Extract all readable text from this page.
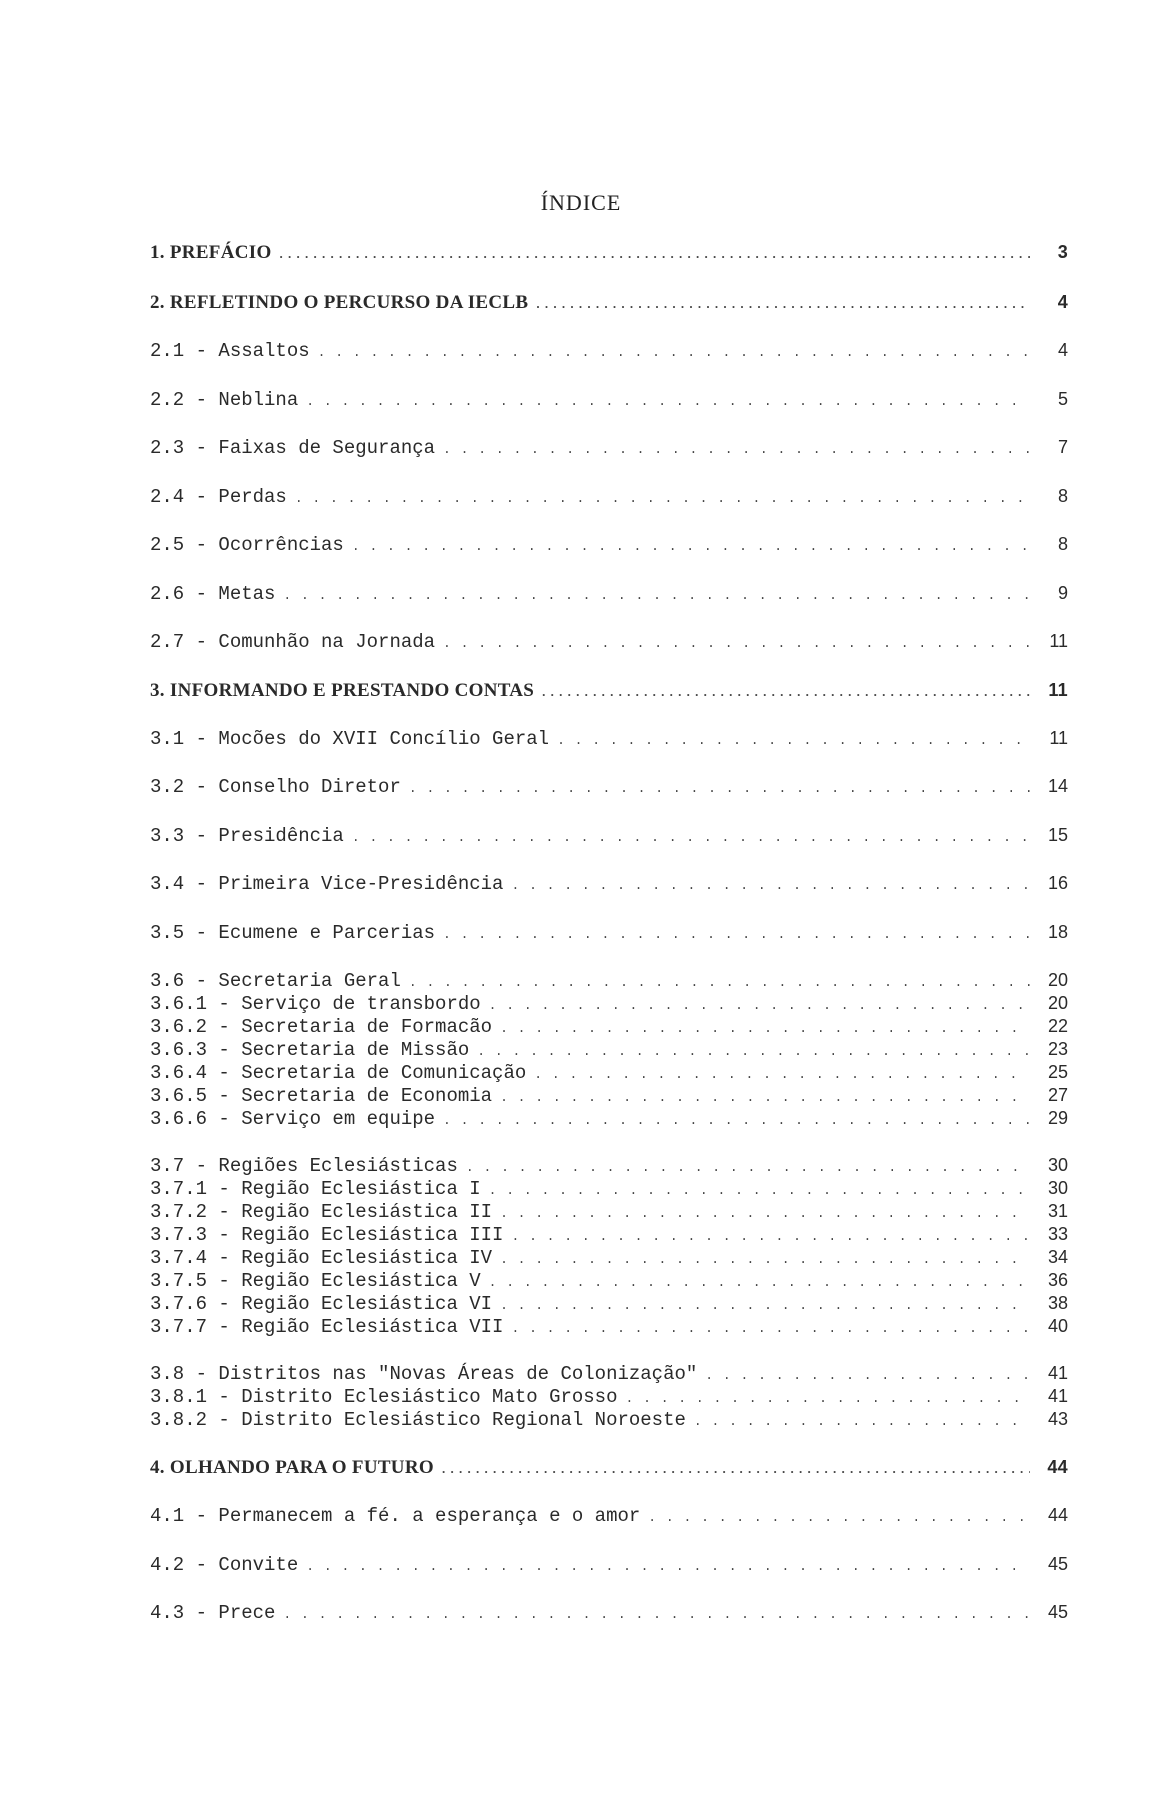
ÍNDICE
1. PREFÁCIO . . .	3
2. REFLETINDO O PERCURSO DA IECLB . . .	4
2.1 - Assaltos . . .	4
2.2 - Neblina . . .	5
2.3 - Faixas de Segurança . . .	7
2.4 - Perdas . . .	8
2.5 - Ocorrências . . .	8
2.6 - Metas . . .	9
2.7 - Comunhão na Jornada . . .	11
3. INFORMANDO E PRESTANDO CONTAS . . .	11
3.1 - Mocões do XVII Concílio Geral . . .	11
3.2 - Conselho Diretor . . .	14
3.3 - Presidência . . .	15
3.4 - Primeira Vice-Presidência . . .	16
3.5 - Ecumene e Parcerias . . .	18
3.6 - Secretaria Geral . . .	20
3.6.1 - Serviço de transbordo . . .	20
3.6.2 - Secretaria de Formacão . . .	22
3.6.3 - Secretaria de Missão . . .	23
3.6.4 - Secretaria de Comunicação . . .	25
3.6.5 - Secretaria de Economia . . .	27
3.6.6 - Serviço em equipe . . .	29
3.7 - Regiões Eclesiásticas . . .	30
3.7.1 - Região Eclesiástica I . . .	30
3.7.2 - Região Eclesiástica II . . .	31
3.7.3 - Região Eclesiástica III . . .	33
3.7.4 - Região Eclesiástica IV . . .	34
3.7.5 - Região Eclesiástica V . . .	36
3.7.6 - Região Eclesiástica VI . . .	38
3.7.7 - Região Eclesiástica VII . . .	40
3.8 - Distritos nas "Novas Áreas de Colonização" . . .	41
3.8.1 - Distrito Eclesiástico Mato Grosso . . .	41
3.8.2 - Distrito Eclesiástico Regional Noroeste . . .	43
4. OLHANDO PARA O FUTURO . . .	44
4.1 - Permanecem a fé. a esperança e o amor . . .	44
4.2 - Convite . . .	45
4.3 - Prece . . .	45
